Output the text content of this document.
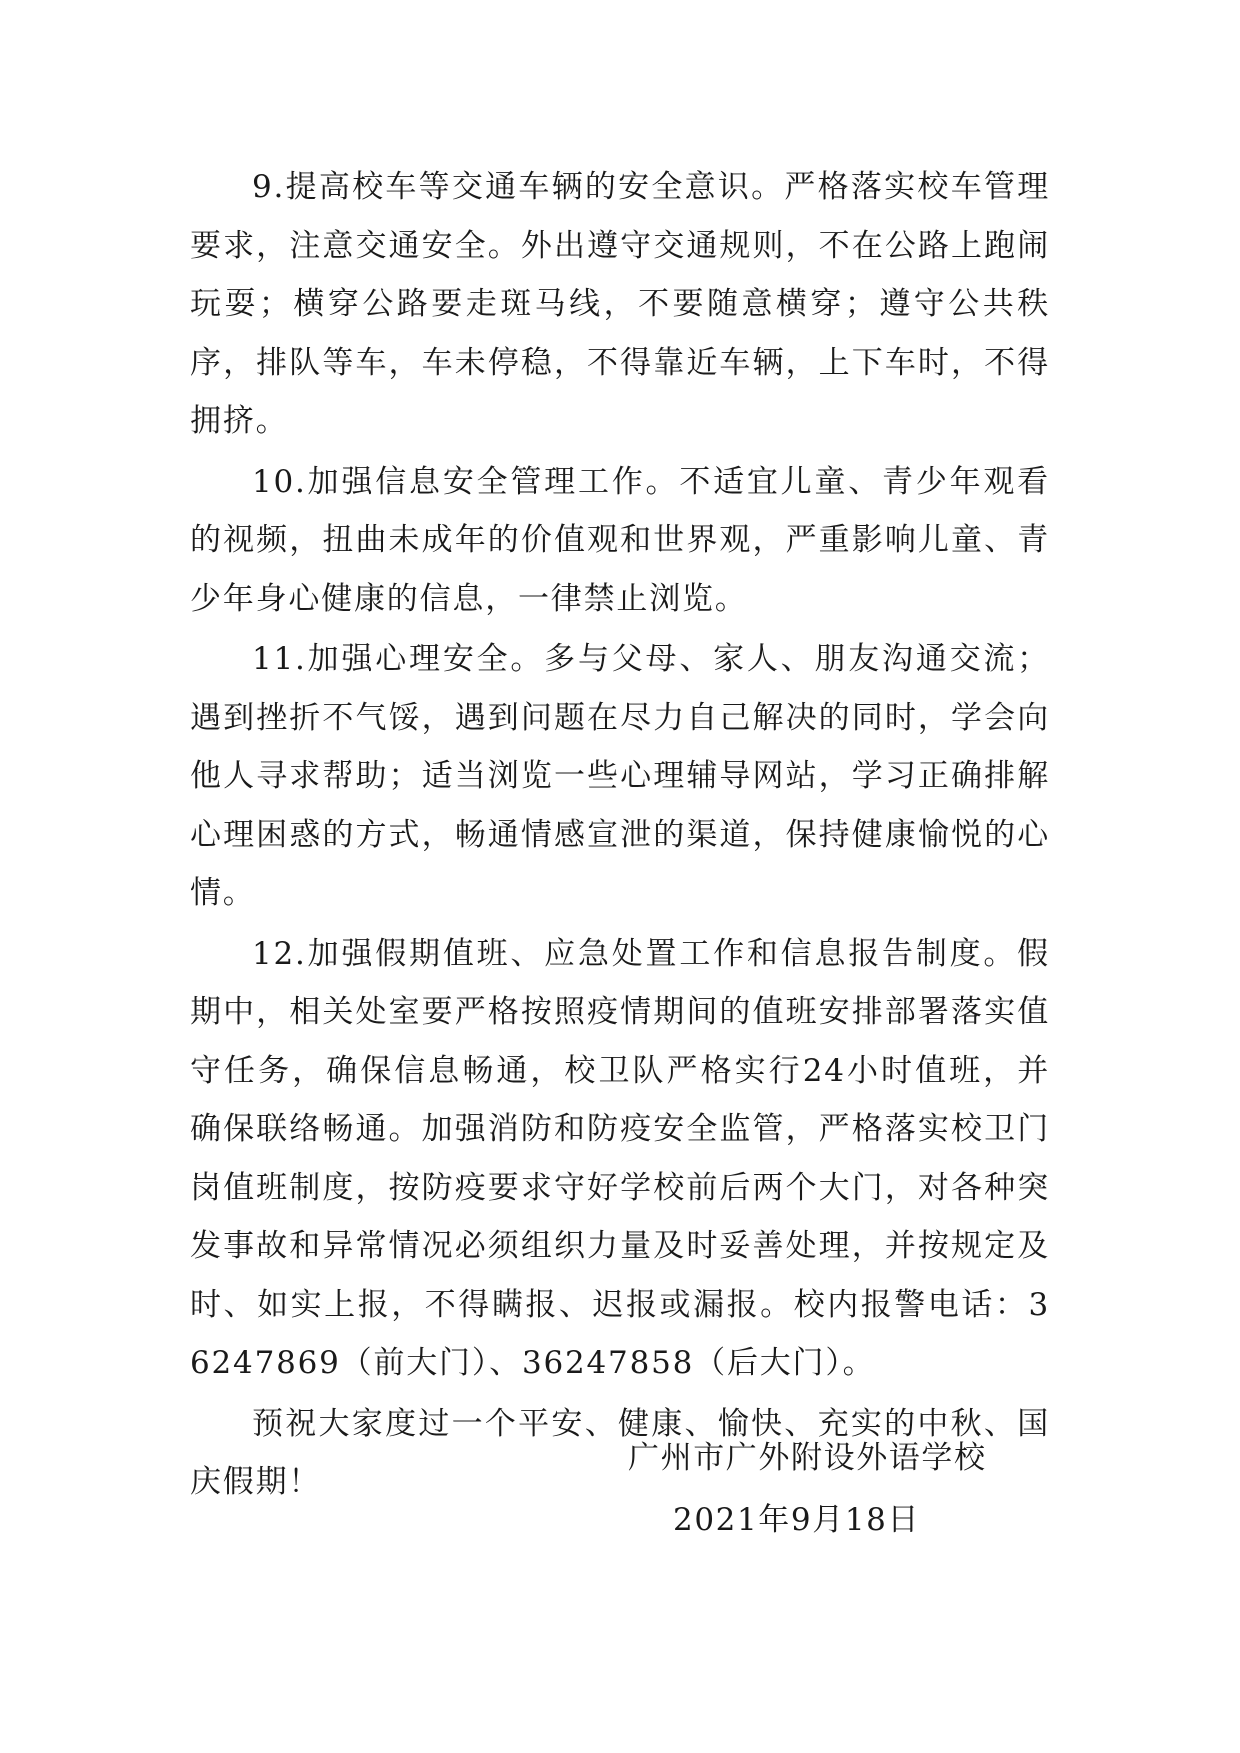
9.提高校车等交通车辆的安全意识。严格落实校车管理要求，注意交通安全。外出遵守交通规则，不在公路上跑闹玩耍；横穿公路要走斑马线，不要随意横穿；遵守公共秩序，排队等车，车未停稳，不得靠近车辆，上下车时，不得拥挤。

10.加强信息安全管理工作。不适宜儿童、青少年观看的视频，扭曲未成年的价值观和世界观，严重影响儿童、青少年身心健康的信息，一律禁止浏览。

11.加强心理安全。多与父母、家人、朋友沟通交流；遇到挫折不气馁，遇到问题在尽力自己解决的同时，学会向他人寻求帮助；适当浏览一些心理辅导网站，学习正确排解心理困惑的方式，畅通情感宣泄的渠道，保持健康愉悦的心情。

12.加强假期值班、应急处置工作和信息报告制度。假期中，相关处室要严格按照疫情期间的值班安排部署落实值守任务，确保信息畅通，校卫队严格实行24小时值班，并确保联络畅通。加强消防和防疫安全监管，严格落实校卫门岗值班制度，按防疫要求守好学校前后两个大门，对各种突发事故和异常情况必须组织力量及时妥善处理，并按规定及时、如实上报，不得瞒报、迟报或漏报。校内报警电话：36247869（前大门）、36247858（后大门）。

预祝大家度过一个平安、健康、愉快、充实的中秋、国庆假期！

广州市广外附设外语学校
2021年9月18日
